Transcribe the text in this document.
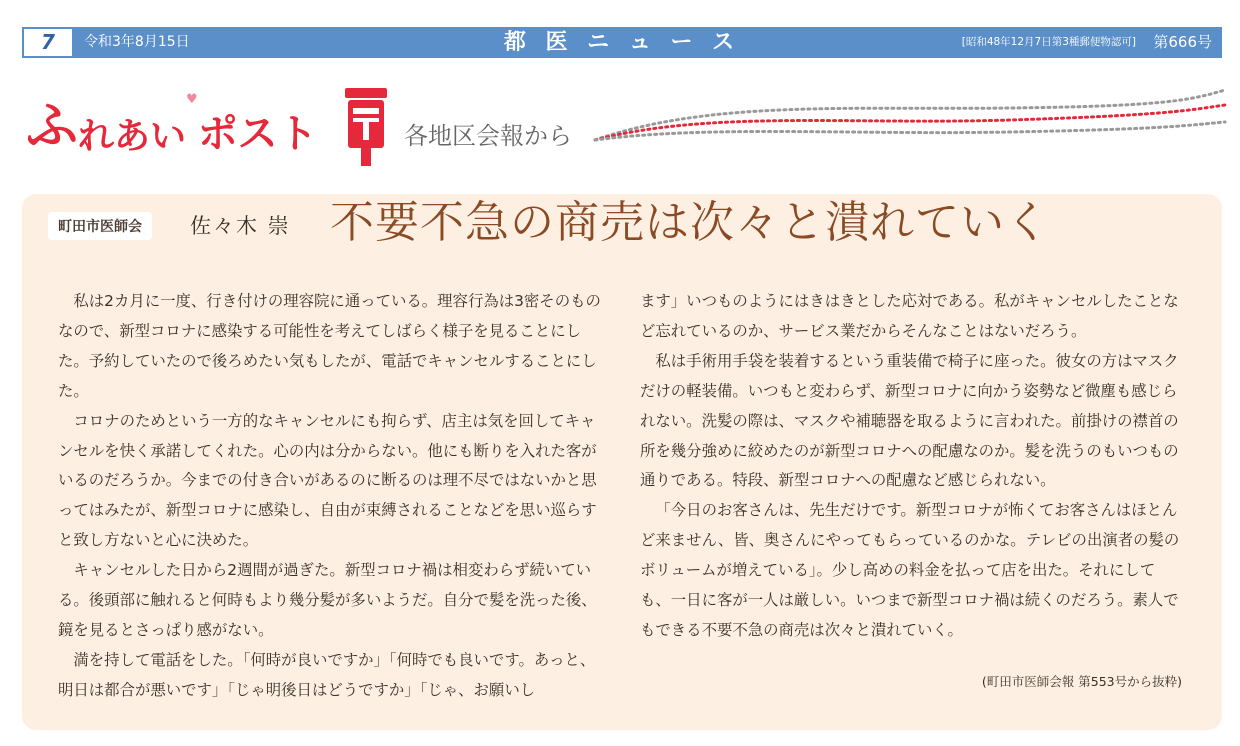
7	令和3年8月15日	都 医 ニ ュ ー ス	[昭和48年12月7日第3種郵便物認可] 第666号
ふれあい♥ポスト	各地区会報から
町田市医師会	佐々木 崇 不要不急の商売は次々と潰れていく

私は2カ月に一度、行き付けの理容院に通っている。理容行為は3密そのものなので、新型コロナに感染する可能性を考えてしばらく様子を見ることにした。予約していたので後ろめたい気もしたが、電話でキャンセルすることにした。

コロナのためという一方的なキャンセルにも拘らず、店主は気を回してキャンセルを快く承諾してくれた。心の内は分からない。他にも断りを入れた客がいるのだろうか。今までの付き合いがあるのに断るのは理不尽ではないかと思ってはみたが、新型コロナに感染し、自由が束縛されることなどを思い巡らすと致し方ないと心に決めた。

キャンセルした日から2週間が過ぎた。新型コロナ禍は相変わらず続いている。後頭部に触れると何時もより幾分髪が多いようだ。自分で髪を洗った後、鏡を見るとさっぱり感がない。

満を持して電話をした。「何時が良いですか」「何時でも良いです。あっと、明日は都合が悪いです」「じゃ明後日はどうですか」「じゃ、お願いし

ます」いつものようにはきはきとした応対である。私がキャンセルしたことなど忘れているのか、サービス業だからそんなことはないだろう。

私は手術用手袋を装着するという重装備で椅子に座った。彼女の方はマスクだけの軽装備。いつもと変わらず、新型コロナに向かう姿勢など微塵も感じられない。洗髪の際は、マスクや補聴器を取るように言われた。前掛けの襟首の所を幾分強めに絞めたのが新型コロナへの配慮なのか。髪を洗うのもいつもの通りである。特段、新型コロナへの配慮など感じられない。

「今日のお客さんは、先生だけです。新型コロナが怖くてお客さんはほとんど来ません、皆、奥さんにやってもらっているのかな。テレビの出演者の髪のボリュームが増えている」。少し高めの料金を払って店を出た。それにしても、一日に客が一人は厳しい。いつまで新型コロナ禍は続くのだろう。素人でもできる不要不急の商売は次々と潰れていく。

(町田市医師会報 第553号から抜粋)
